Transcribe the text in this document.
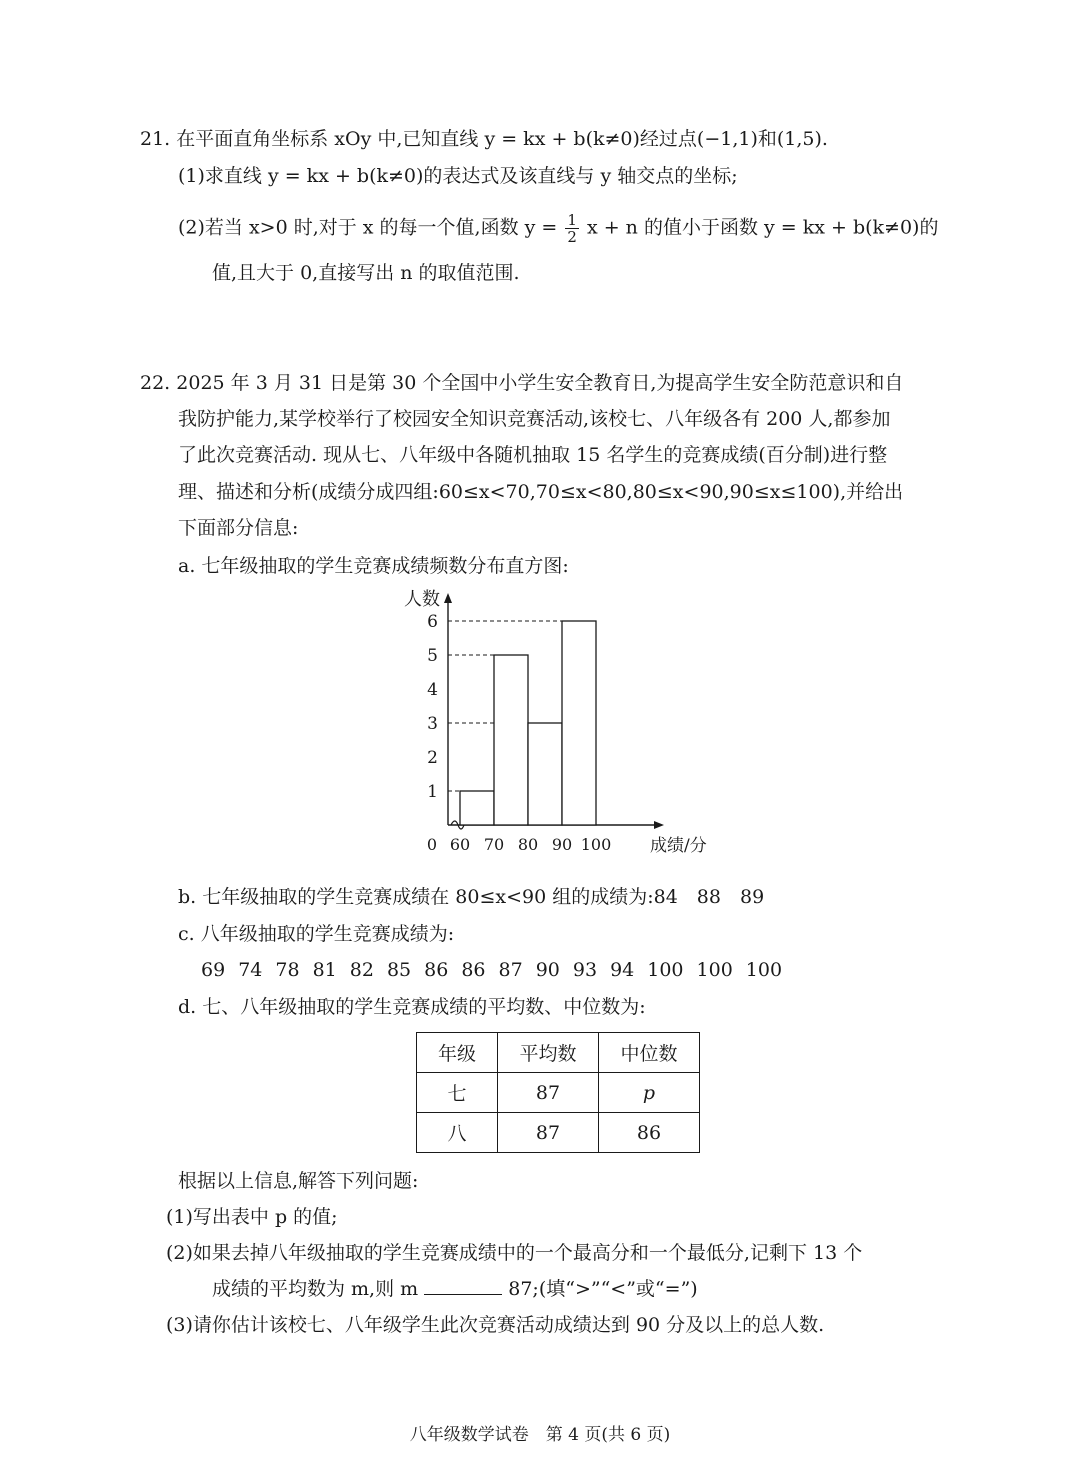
21. 在平面直角坐标系 xOy 中,已知直线 y = kx + b(k≠0)经过点(−1,1)和(1,5).
(1)求直线 y = kx + b(k≠0)的表达式及该直线与 y 轴交点的坐标;
(2)若当 x>0 时,对于 x 的每一个值,函数 $y = \frac{1}{2}$ x + n 的值小于函数 y = kx + b(k≠0)的
值,且大于 0,直接写出 n 的取值范围.
22. 2025 年 3 月 31 日是第 30 个全国中小学生安全教育日,为提高学生安全防范意识和自
我防护能力,某学校举行了校园安全知识竞赛活动,该校七、八年级各有 200 人,都参加
了此次竞赛活动. 现从七、八年级中各随机抽取 15 名学生的竞赛成绩(百分制)进行整
理、描述和分析(成绩分成四组:60≤x<70,70≤x<80,80≤x<90,90≤x≤100),并给出
下面部分信息:
a. 七年级抽取的学生竞赛成绩频数分布直方图:
1
2
3
4
5
6
60 70 80 90 100
0
人数
成绩/分
b. 七年级抽取的学生竞赛成绩在 80≤x<90 组的成绩为:84　88　89
c. 八年级抽取的学生竞赛成绩为:
69 74 78 81 82 85 86 86 87 90 93 94 100 100 100
d. 七、八年级抽取的学生竞赛成绩的平均数、中位数为:
年级	平均数	中位数
七	87	p
八	87	86
根据以上信息,解答下列问题:
(1)写出表中 p 的值;
(2)如果去掉八年级抽取的学生竞赛成绩中的一个最高分和一个最低分,记剩下 13 个
成绩的平均数为 m,则 m	87;(填“>”“<”或“=”)
(3)请你估计该校七、八年级学生此次竞赛活动成绩达到 90 分及以上的总人数.
八年级数学试卷　第 4 页(共 6 页)
